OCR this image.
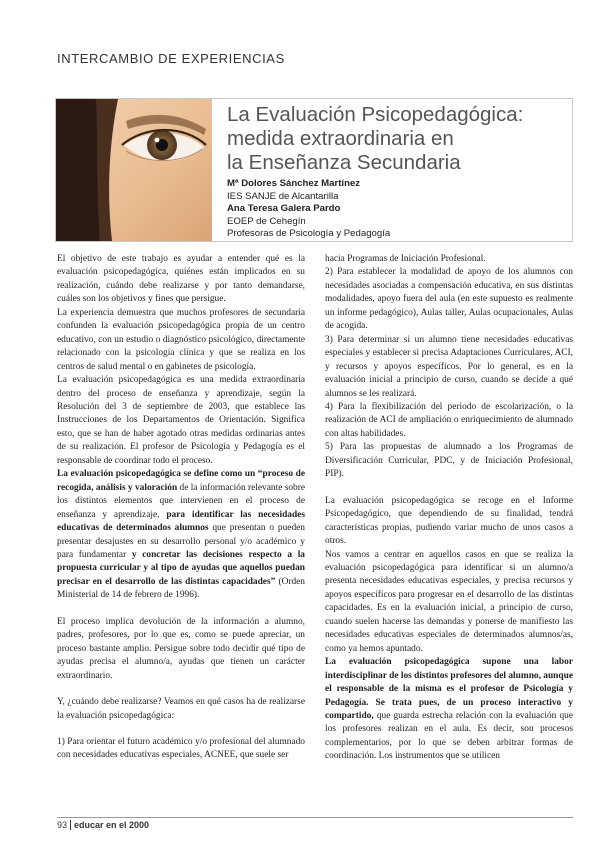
INTERCAMBIO DE EXPERIENCIAS
La Evaluación Psicopedagógica:
medida extraordinaria en
la Enseñanza Secundaria
Mª Dolores Sánchez Martínez
IES SANJE de Alcantarilla
Ana Teresa Galera Pardo
EOEP de Cehegín
Profesoras de Psicología y Pedagogía

El objetivo de este trabajo es ayudar a entender qué es la evaluación psicopedagógica, quiénes están implicados en su realización, cuándo debe realizarse y por tanto demandarse, cuáles son los objetivos y fines que persigue.

La experiencia demuestra que muchos profesores de secundaria confunden la evaluación psicopedagógica propia de un centro educativo, con un estudio o diagnóstico psicológico, directamente relacionado con la psicología clínica y que se realiza en los centros de salud mental o en gabinetes de psicología.

La evaluación psicopedagógica es una medida extraordinaria dentro del proceso de enseñanza y aprendizaje, según la Resolución del 3 de septiembre de 2003, que establece las Instrucciones de los Departamentos de Orientación. Significa esto, que se han de haber agotado otras medidas ordinarias antes de su realización. El profesor de Psicología y Pedagogía es el responsable de coordinar todo el proceso.

La evaluación psicopedagógica se define como un “proceso de recogida, análisis y valoración de la información relevante sobre los distintos elementos que intervienen en el proceso de enseñanza y aprendizaje, para identificar las necesidades educativas de determinados alumnos que presentan o pueden presentar desajustes en su desarrollo personal y/o académico y para fundamentar y concretar las decisiones respecto a la propuesta curricular y al tipo de ayudas que aquellos puedan precisar en el desarrollo de las distintas capacidades” (Orden Ministerial de 14 de febrero de 1996).

El proceso implica devolución de la información a alumno, padres, profesores, por lo que es, como se puede apreciar, un proceso bastante amplio. Persigue sobre todo decidir qué tipo de ayudas precisa el alumno/a, ayudas que tienen un carácter extraordinario.

Y, ¿cuándo debe realizarse? Veamos en qué casos ha de realizarse la evaluación psicopedagógica:

1) Para orientar el futuro académico y/o profesional del alumnado con necesidades educativas especiales, ACNEE, que suele ser

hacia Programas de Iniciación Profesional.

2) Para establecer la modalidad de apoyo de los alumnos con necesidades asociadas a compensación educativa, en sus distintas modalidades, apoyo fuera del aula (en este supuesto es realmente un informe pedagógico), Aulas taller, Aulas ocupacionales, Aulas de acogida.

3) Para determinar si un alumno tiene necesidades educativas especiales y establecer si precisa Adaptaciones Curriculares, ACI, y recursos y apoyos específicos. Por lo general, es en la evaluación inicial a principio de curso, cuando se decide a qué alumnos se les realizará.

4) Para la flexibilización del periodo de escolarización, o la realización de ACI de ampliación o enriquecimiento de alumnado con altas habilidades.

5) Para las propuestas de alumnado a los Programas de Diversificación Curricular, PDC, y de Iniciación Profesional, PIP).

La evaluación psicopedagógica se recoge en el Informe Psicopedagógico, que dependiendo de su finalidad, tendrá características propias, pudiendo variar mucho de unos casos a otros.

Nos vamos a centrar en aquellos casos en que se realiza la evaluación psicopedagógica para identificar si un alumno/a presenta necesidades educativas especiales, y precisa recursos y apoyos específicos para progresar en el desarrollo de las distintas capacidades. Es en la evaluación inicial, a principio de curso, cuando suelen hacerse las demandas y ponerse de manifiesto las necesidades educativas especiales de determinados alumnos/as, como ya hemos apuntado.

La evaluación psicopedagógica supone una labor interdisciplinar de los distintos profesores del alumno, aunque el responsable de la misma es el profesor de Psicología y Pedagogía. Se trata pues, de un proceso interactivo y compartido, que guarda estrecha relación con la evaluación que los profesores realizan en el aula. Es decir, son procesos complementarios, por lo que se deben arbitrar formas de coordinación. Los instrumentos que se utilicen

93 educar en el 2000
